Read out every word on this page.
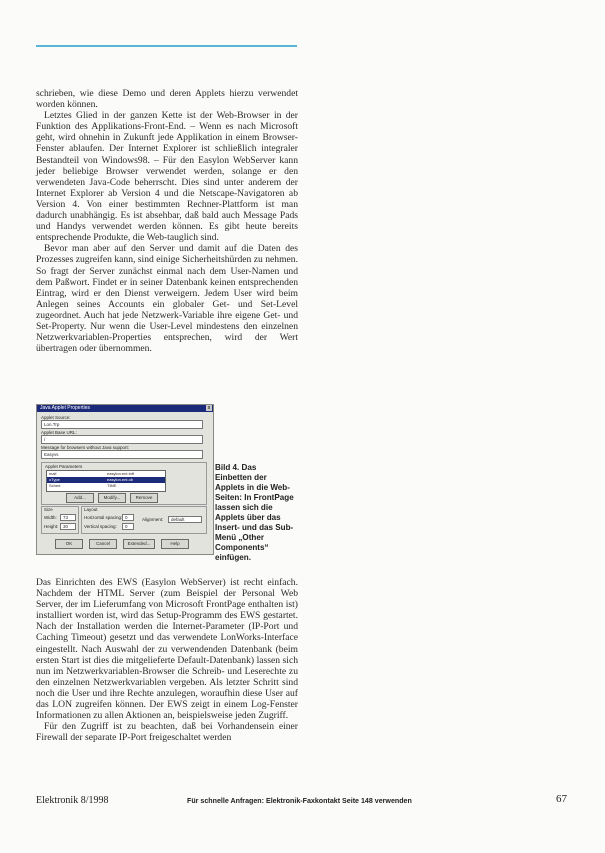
schrieben, wie diese Demo und deren Applets hierzu verwendet worden können.

Letztes Glied in der ganzen Kette ist der Web-Browser in der Funktion des Applikations-Front-End. – Wenn es nach Microsoft geht, wird ohnehin in Zukunft jede Applikation in einem Browser-Fenster ablaufen. Der Internet Explorer ist schließlich integraler Bestandteil von Windows98. – Für den Easylon WebServer kann jeder beliebige Browser verwendet werden, solange er den verwendeten Java-Code beherrscht. Dies sind unter anderem der Internet Explorer ab Version 4 und die Netscape-Navigatoren ab Version 4. Von einer bestimmten Rechner-Plattform ist man dadurch unabhängig. Es ist absehbar, daß bald auch Message Pads und Handys verwendet werden können. Es gibt heute bereits entsprechende Produkte, die Web-tauglich sind.

Bevor man aber auf den Server und damit auf die Daten des Prozesses zugreifen kann, sind einige Sicherheitshürden zu nehmen. So fragt der Server zunächst einmal nach dem User-Namen und dem Paßwort. Findet er in seiner Datenbank keinen entsprechenden Eintrag, wird er den Dienst verweigern. Jedem User wird beim Anlegen seines Accounts ein globaler Get- und Set-Level zugeordnet. Auch hat jede Netzwerk-Variable ihre eigene Get- und Set-Property. Nur wenn die User-Level mindestens den einzelnen Netzwerkvariablen-Properties entsprechen, wird der Wert übertragen oder übernommen.

Java Applet Properties	x
Applet Source:
Lon.Trp
Applet Base URL:
/
Message for browsers without Java support:
Easyvs
Applet Parameters
mail	easylon.ent.tnft
oType	easylon.ent.ob
Sched	TIME
Add...	Modify...	Remove
Size
Width:	73
Height:	30
Layout
Horizontal spacing: 0
Vertical spacing:	0
Alignment:	default
OK	Cancel	Extended...	Help
Bild 4. Das Einbetten der Applets in die Web-Seiten: In FrontPage lassen sich die Applets über das Insert- und das Sub-Menü „Other Components“ einfügen.

Das Einrichten des EWS (Easylon WebServer) ist recht einfach. Nachdem der HTML Server (zum Beispiel der Personal Web Server, der im Lieferumfang von Microsoft FrontPage enthalten ist) installiert worden ist, wird das Setup-Programm des EWS gestartet. Nach der Installation werden die Internet-Parameter (IP-Port und Caching Timeout) gesetzt und das verwendete LonWorks-Interface eingestellt. Nach Auswahl der zu verwendenden Datenbank (beim ersten Start ist dies die mitgelieferte Default-Datenbank) lassen sich nun im Netzwerkvariablen-Browser die Schreib- und Leserechte zu den einzelnen Netzwerkvariablen vergeben. Als letzter Schritt sind noch die User und ihre Rechte anzulegen, woraufhin diese User auf das LON zugreifen können. Der EWS zeigt in einem Log-Fenster Informationen zu allen Aktionen an, beispielsweise jeden Zugriff.

Für den Zugriff ist zu beachten, daß bei Vorhandensein einer Firewall der separate IP-Port freigeschaltet werden

Elektronik 8/1998	Für schnelle Anfragen: Elektronik-Faxkontakt Seite 148 verwenden	67
